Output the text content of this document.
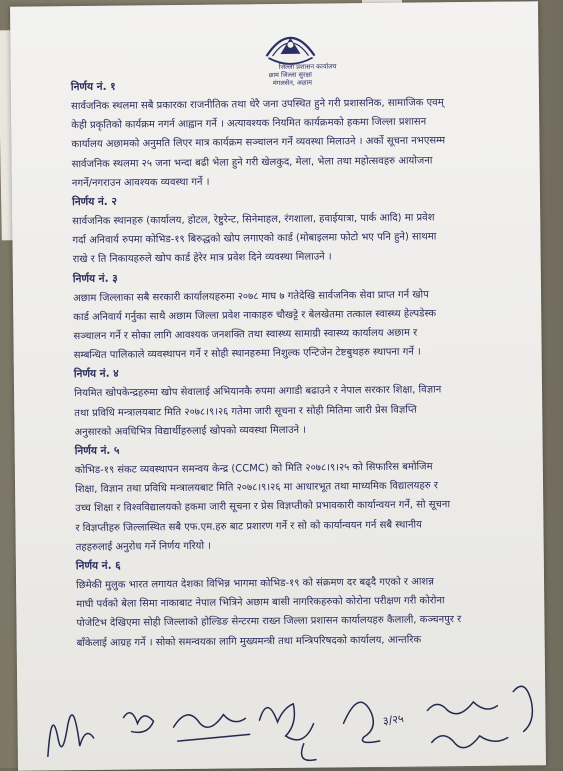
जिल्ला प्रशासन कार्यालय
छाम जिल्ला सुरक्षा
मंगलसेन, अछाम
निर्णय नं. १
सार्वजनिक स्थलमा सबै प्रकारका राजनीतिक तथा धेरै जना उपस्थित हुने गरी प्रशासनिक, सामाजिक एवम्
केही प्रकृतिको कार्यक्रम नगर्न आह्वान गर्ने । अत्यावश्यक नियमित कार्यक्रमको हकमा जिल्ला प्रशासन
कार्यालय अछामको अनुमति लिएर मात्र कार्यक्रम सञ्चालन गर्ने व्यवस्था मिलाउने । अर्को सूचना नभएसम्म
सार्वजनिक स्थलमा २५ जना भन्दा बढी भेला हुने गरी खेलकुद, मेला, भेला तथा महोत्सवहरु आयोजना
नगर्ने/नगराउन आवश्यक व्यवस्था गर्ने ।
निर्णय नं. २
सार्वजनिक स्थानहरु (कार्यालय, होटल, रेष्टुरेन्ट, सिनेमाहल, रंगशाला, हवाईयात्रा, पार्क आदि) मा प्रवेश
गर्दा अनिवार्य रुपमा कोभिड-१९ बिरुद्धको खोप लगाएको कार्ड (मोबाइलमा फोटो भए पनि हुने) साथमा
राखे र ति निकायहरुले खोप कार्ड हेरेर मात्र प्रवेश दिने व्यवस्था मिलाउने ।
निर्णय नं. ३
अछाम जिल्लाका सबै सरकारी कार्यालयहरुमा २०७८ माघ ७ गतेदेखि सार्वजनिक सेवा प्राप्त गर्न खोप
कार्ड अनिवार्य गर्नुका साथै अछाम जिल्ला प्रवेश नाकाहरु चौखट्टे र बेलखेतमा तत्काल स्वास्थ्य हेल्पडेस्क
सञ्चालन गर्ने र सोका लागि आवश्यक जनशक्ति तथा स्वास्थ्य सामाग्री स्वास्थ्य कार्यालय अछाम र
सम्बन्धित पालिकाले व्यवस्थापन गर्ने र सोही स्थानहरुमा निशुल्क एन्टिजेन टेष्टबुथहरु स्थापना गर्ने ।
निर्णय नं. ४
नियमित खोपकेन्द्रहरुमा खोप सेवालाई अभियानकै रुपमा अगाडी बढाउने र नेपाल सरकार शिक्षा, विज्ञान
तथा प्रविधि मन्त्रालयबाट मिति २०७८।९।२६ गतेमा जारी सूचना र सोही मितिमा जारी प्रेस विज्ञप्ति
अनुसारको अवधिभित्र विद्यार्थीहरुलाई खोपको व्यवस्था मिलाउने ।
निर्णय नं. ५
कोभिड-१९ संकट व्यवस्थापन समन्वय केन्द्र (CCMC) को मिति २०७८।९।२५ को सिफारिस बमोजिम
शिक्षा, विज्ञान तथा प्रविधि मन्त्रालयबाट मिति २०७८।९।२६ मा आधारभूत तथा माध्यमिक विद्यालयहरु र
उच्च शिक्षा र विश्वविद्यालयको हकमा जारी सूचना र प्रेस विज्ञप्तीको प्रभावकारी कार्यान्वयन गर्ने, सो सूचना
र विज्ञप्तीहरु जिल्लास्थित सबै एफ.एम.हरु बाट प्रशारण गर्ने र सो को कार्यान्वयन गर्न सबै स्थानीय
तहहरुलाई अनुरोध गर्ने निर्णय गरियो ।
निर्णय नं. ६
छिमेकी मुलुक भारत लगायत देशका विभिन्न भागमा कोभिड-१९ को संक्रमण दर बढ्दै गएको र आशन्न
माघी पर्वको बेला सिमा नाकाबाट नेपाल भित्रिने अछाम बासी नागरिकहरुको कोरोना परीक्षण गरी कोरोना
पोजेटिभ देखिएमा सोही जिल्लाको होल्डिङ सेन्टरमा राख्न जिल्ला प्रशासन कार्यालयहरु कैलाली, कञ्चनपुर र
बाँकेलाई आग्रह गर्ने । सोको समन्वयका लागि मुख्यमन्त्री तथा मन्त्रिपरिषदको कार्यालय, आन्तरिक
३/२५
